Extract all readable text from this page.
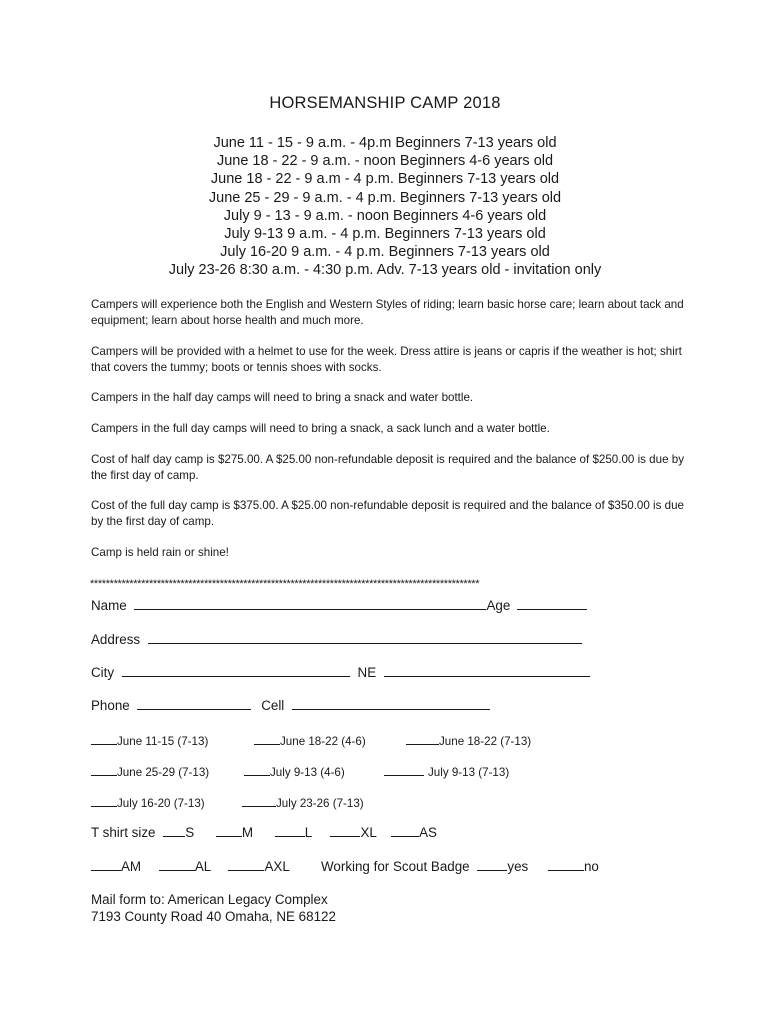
HORSEMANSHIP CAMP 2018
June 11 - 15 - 9 a.m. - 4p.m Beginners 7-13 years old
June 18 - 22 - 9 a.m. - noon Beginners 4-6 years old
June 18 - 22 - 9 a.m - 4 p.m. Beginners 7-13 years old
June 25 - 29 - 9 a.m. - 4 p.m. Beginners 7-13 years old
July 9 - 13 - 9 a.m. - noon Beginners 4-6 years old
July 9-13 9 a.m. - 4 p.m. Beginners 7-13 years old
July 16-20 9 a.m. - 4 p.m. Beginners 7-13 years old
July 23-26 8:30 a.m. - 4:30 p.m. Adv. 7-13 years old - invitation only
Campers will experience both the English and Western Styles of riding; learn basic horse care; learn about tack and equipment; learn about horse health and much more.
Campers will be provided with a helmet to use for the week. Dress attire is jeans or capris if the weather is hot; shirt that covers the tummy; boots or tennis shoes with socks.
Campers in the half day camps will need to bring a snack and water bottle.
Campers in the full day camps will need to bring a snack, a sack lunch and a water bottle.
Cost of half day camp is $275.00. A $25.00 non-refundable deposit is required and the balance of $250.00 is due by the first day of camp.
Cost of the full day camp is $375.00. A $25.00 non-refundable deposit is required and the balance of $350.00 is due by the first day of camp.
Camp is held rain or shine!
***************************************************************************************************
Name	Age
Address
City	NE
Phone	Cell
June 11-15 (7-13)	June 18-22 (4-6)	June 18-22 (7-13)
June 25-29 (7-13)	July 9-13 (4-6)	July 9-13 (7-13)
July 16-20 (7-13)	July 23-26 (7-13)
T shirt size S	M	L	XL	AS
AM	AL	AXL Working for Scout Badge	yes	no
Mail form to: American Legacy Complex
7193 County Road 40 Omaha, NE 68122
